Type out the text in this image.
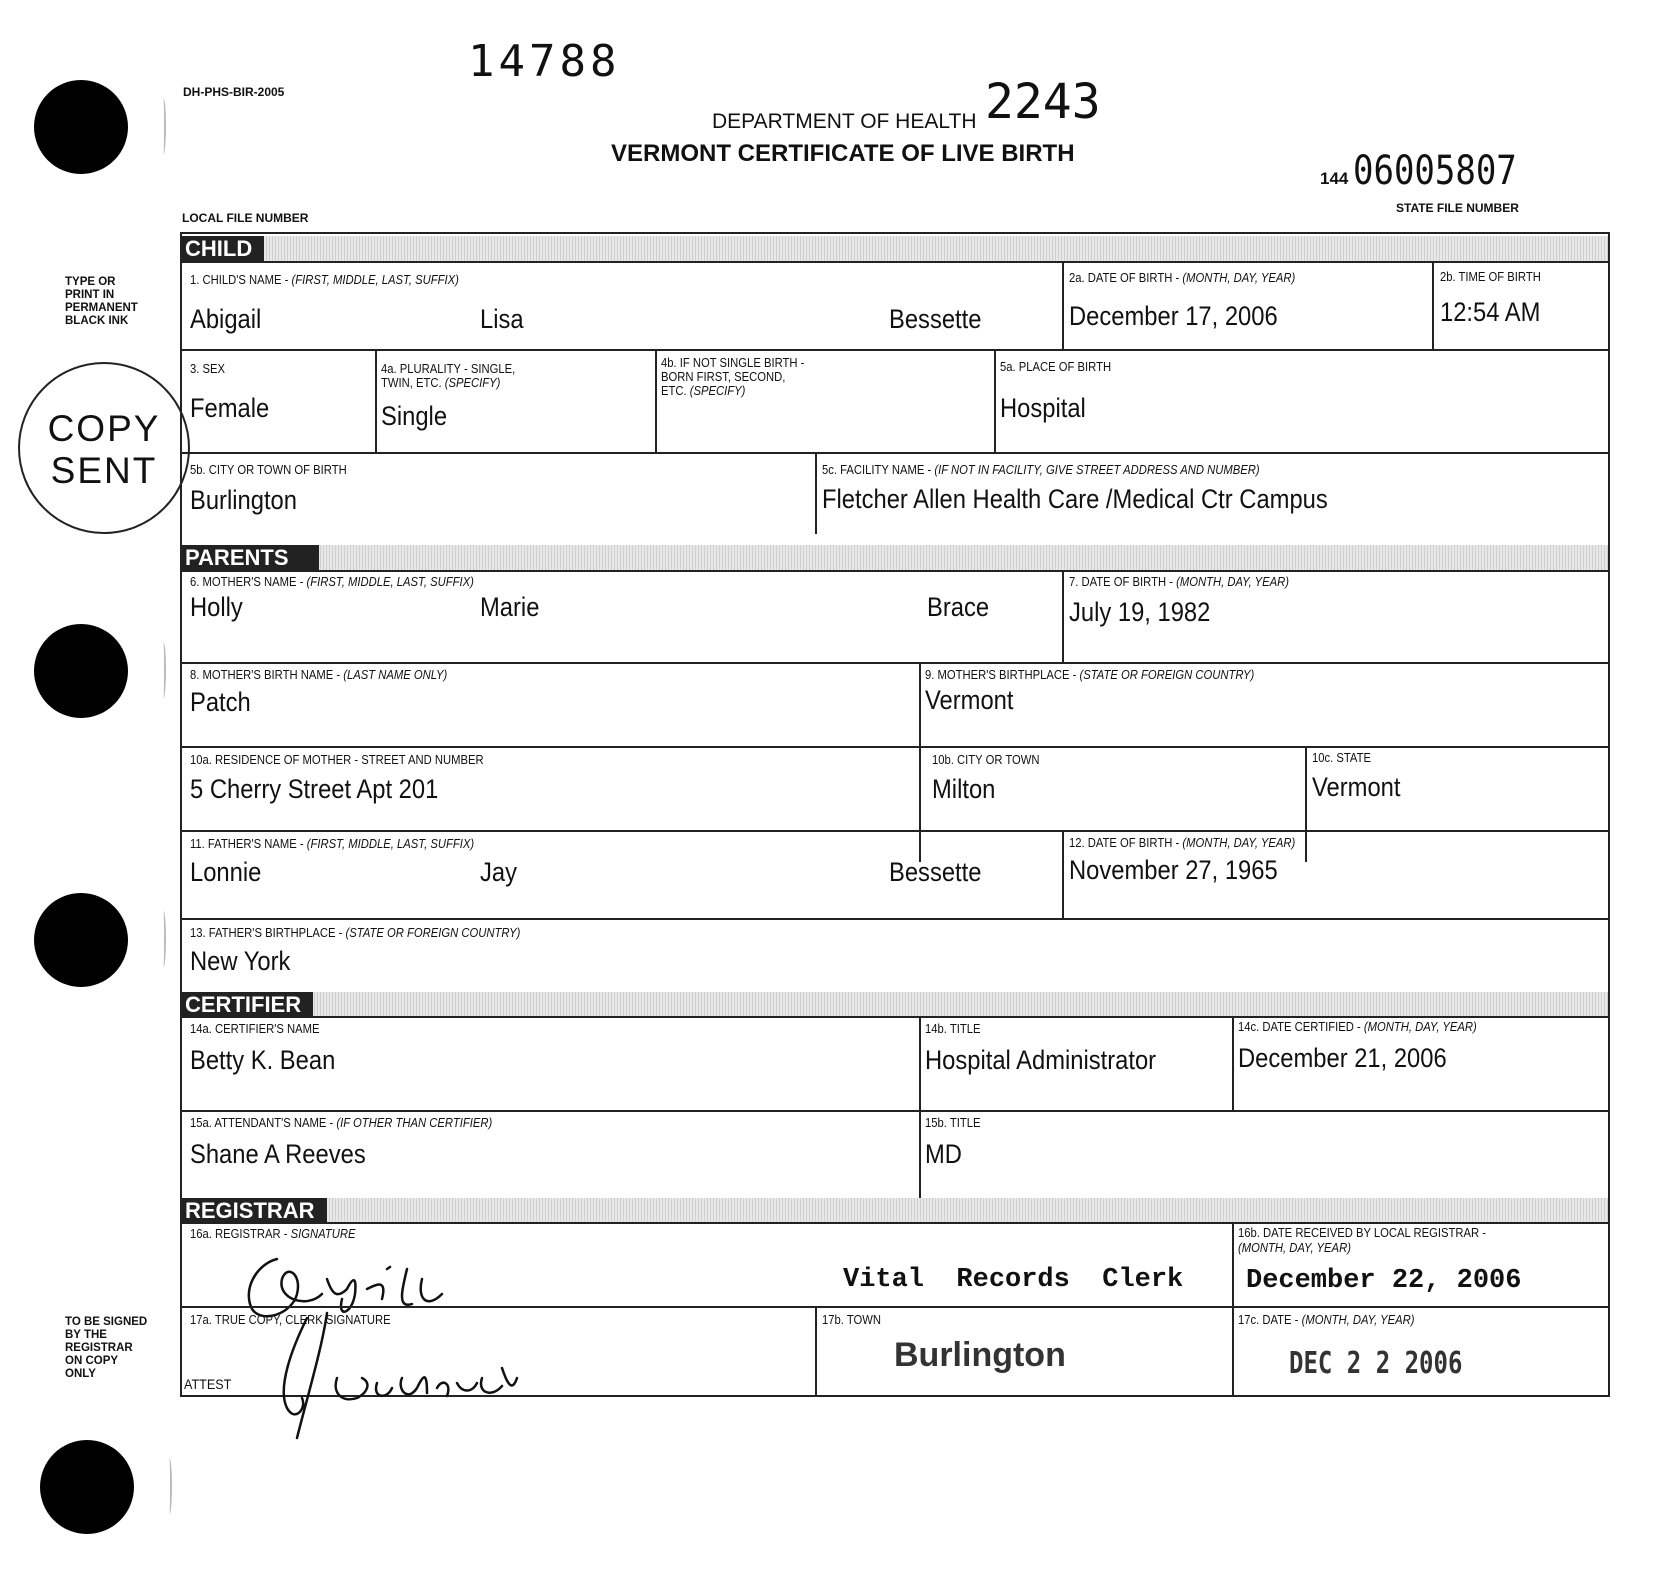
DH-PHS-BIR-2005
14788
DEPARTMENT OF HEALTH 2243
VERMONT CERTIFICATE OF LIVE BIRTH
144 06005807
STATE FILE NUMBER
LOCAL FILE NUMBER
TYPE OR
PRINT IN
PERMANENT
BLACK INK
TO BE SIGNED
BY THE
REGISTRAR
ON COPY
ONLY
CHILD
1. CHILD'S NAME - (FIRST, MIDDLE, LAST, SUFFIX)
Abigail	Lisa	Bessette
2a. DATE OF BIRTH - (MONTH, DAY, YEAR)
December 17, 2006
2b. TIME OF BIRTH
12:54 AM
3. SEX
Female
4a. PLURALITY - SINGLE,
TWIN, ETC. (SPECIFY)
Single
4b. IF NOT SINGLE BIRTH -
BORN FIRST, SECOND,
ETC. (SPECIFY)
5a. PLACE OF BIRTH
Hospital
5b. CITY OR TOWN OF BIRTH
Burlington
5c. FACILITY NAME - (IF NOT IN FACILITY, GIVE STREET ADDRESS AND NUMBER)
Fletcher Allen Health Care /Medical Ctr Campus
PARENTS
6. MOTHER'S NAME - (FIRST, MIDDLE, LAST, SUFFIX)
Holly	Marie	Brace
7. DATE OF BIRTH - (MONTH, DAY, YEAR)
July 19, 1982
8. MOTHER'S BIRTH NAME - (LAST NAME ONLY)
Patch
9. MOTHER'S BIRTHPLACE - (STATE OR FOREIGN COUNTRY)
Vermont
10a. RESIDENCE OF MOTHER - STREET AND NUMBER
5 Cherry Street Apt 201
10b. CITY OR TOWN
Milton
10c. STATE
Vermont
11. FATHER'S NAME - (FIRST, MIDDLE, LAST, SUFFIX)
Lonnie	Jay	Bessette
12. DATE OF BIRTH - (MONTH, DAY, YEAR)
November 27, 1965
13. FATHER'S BIRTHPLACE - (STATE OR FOREIGN COUNTRY)
New York
CERTIFIER
14a. CERTIFIER'S NAME
Betty K. Bean
14b. TITLE
Hospital Administrator
14c. DATE CERTIFIED - (MONTH, DAY, YEAR)
December 21, 2006
15a. ATTENDANT'S NAME - (IF OTHER THAN CERTIFIER)
Shane A Reeves
15b. TITLE
MD
REGISTRAR
16a. REGISTRAR - SIGNATURE
Vital  Records  Clerk
16b. DATE RECEIVED BY LOCAL REGISTRAR -
(MONTH, DAY, YEAR)
December 22, 2006
17a. TRUE COPY, CLERK SIGNATURE
ATTEST
17b. TOWN
Burlington
17c. DATE - (MONTH, DAY, YEAR)
DEC 2 2 2006
COPY
SENT
